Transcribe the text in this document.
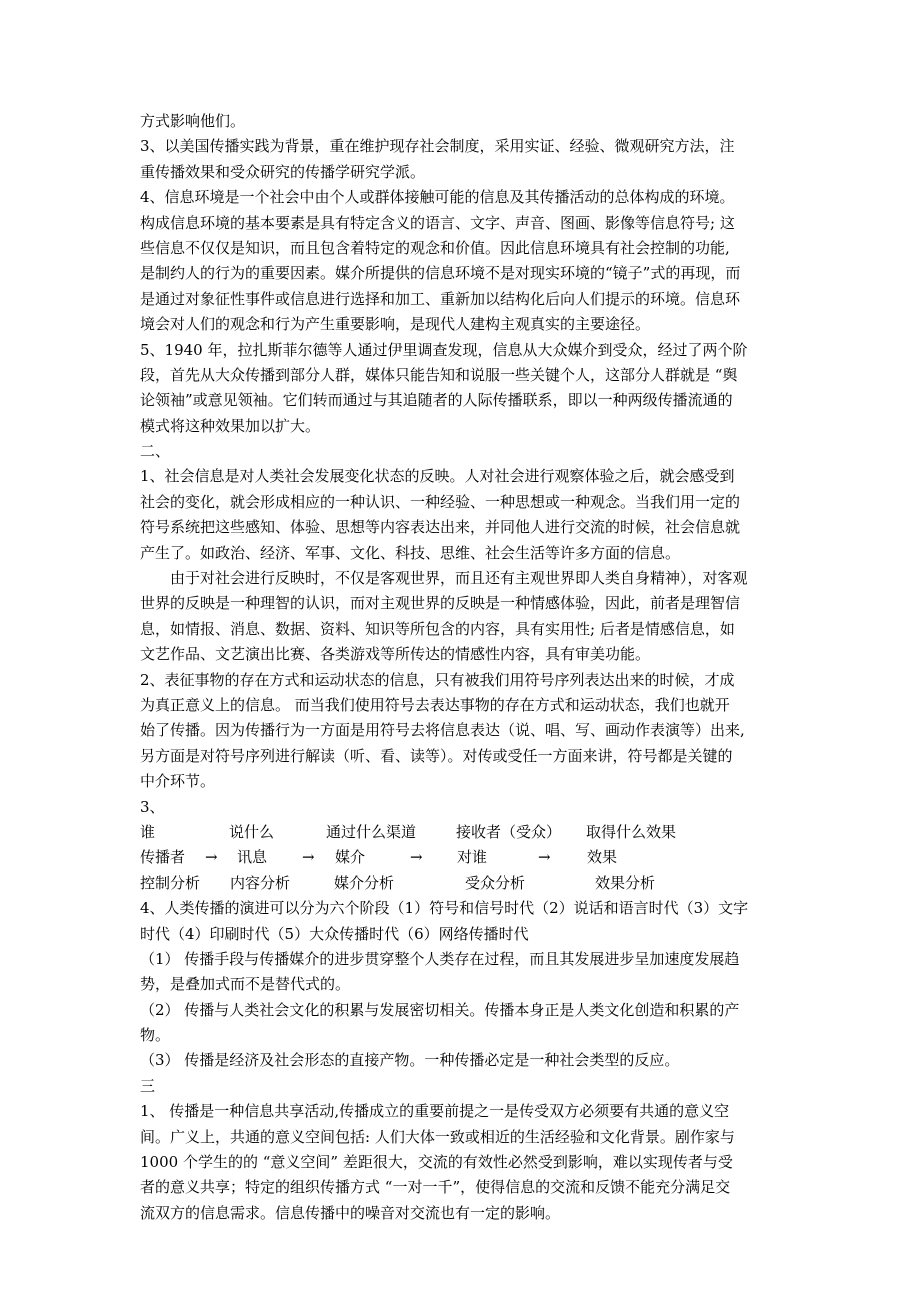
方式影响他们。
3、以美国传播实践为背景，重在维护现存社会制度，采用实证、经验、微观研究方法，注
重传播效果和受众研究的传播学研究学派。
4、信息环境是一个社会中由个人或群体接触可能的信息及其传播活动的总体构成的环境。
构成信息环境的基本要素是具有特定含义的语言、文字、声音、图画、影像等信息符号; 这
些信息不仅仅是知识，而且包含着特定的观念和价值。因此信息环境具有社会控制的功能,
是制约人的行为的重要因素。媒介所提供的信息环境不是对现实环境的“镜子”式的再现，而
是通过对象征性事件或信息进行选择和加工、重新加以结构化后向人们提示的环境。信息环
境会对人们的观念和行为产生重要影响，是现代人建构主观真实的主要途径。
5、1940 年，拉扎斯菲尔德等人通过伊里调查发现，信息从大众媒介到受众，经过了两个阶
段，首先从大众传播到部分人群，媒体只能告知和说服一些关键个人，这部分人群就是 “舆
论领袖”或意见领袖。它们转而通过与其追随者的人际传播联系，即以一种两级传播流通的
模式将这种效果加以扩大。
二、
1、社会信息是对人类社会发展变化状态的反映。人对社会进行观察体验之后，就会感受到
社会的变化，就会形成相应的一种认识、一种经验、一种思想或一种观念。当我们用一定的
符号系统把这些感知、体验、思想等内容表达出来，并同他人进行交流的时候，社会信息就
产生了。如政治、经济、军事、文化、科技、思维、社会生活等许多方面的信息。
由于对社会进行反映时，不仅是客观世界，而且还有主观世界即人类自身精神），对客观
世界的反映是一种理智的认识，而对主观世界的反映是一种情感体验，因此，前者是理智信
息，如情报、消息、数据、资料、知识等所包含的内容，具有实用性; 后者是情感信息，如
文艺作品、文艺演出比赛、各类游戏等所传达的情感性内容，具有审美功能。
2、表征事物的存在方式和运动状态的信息，只有被我们用符号序列表达出来的时候，才成
为真正意义上的信息。 而当我们使用符号去表达事物的存在方式和运动状态，我们也就开
始了传播。因为传播行为一方面是用符号去将信息表达（说、唱、写、画动作表演等）出来,
另方面是对符号序列进行解读（听、看、读等）。对传或受任一方面来讲，符号都是关键的
中介环节。
3、
谁	说什么	通过什么渠道	接收者（受众） 取得什么效果
传播者 → 讯息 → 媒介	→ 对谁	→ 效果
控制分析 内容分析	媒介分析	受众分析	效果分析
4、人类传播的演进可以分为六个阶段（1）符号和信号时代（2）说话和语言时代（3）文字
时代（4）印刷时代（5）大众传播时代（6）网络传播时代
（1） 传播手段与传播媒介的进步贯穿整个人类存在过程，而且其发展进步呈加速度发展趋
势，是叠加式而不是替代式的。
（2） 传播与人类社会文化的积累与发展密切相关。传播本身正是人类文化创造和积累的产
物。
（3） 传播是经济及社会形态的直接产物。一种传播必定是一种社会类型的反应。
三
1、 传播是一种信息共享活动,传播成立的重要前提之一是传受双方必须要有共通的意义空
间。广义上，共通的意义空间包括: 人们大体一致或相近的生活经验和文化背景。剧作家与
1000 个学生的的 “意义空间” 差距很大，交流的有效性必然受到影响，难以实现传者与受
者的意义共享；特定的组织传播方式 “一对一千”，使得信息的交流和反馈不能充分满足交
流双方的信息需求。信息传播中的噪音对交流也有一定的影响。
